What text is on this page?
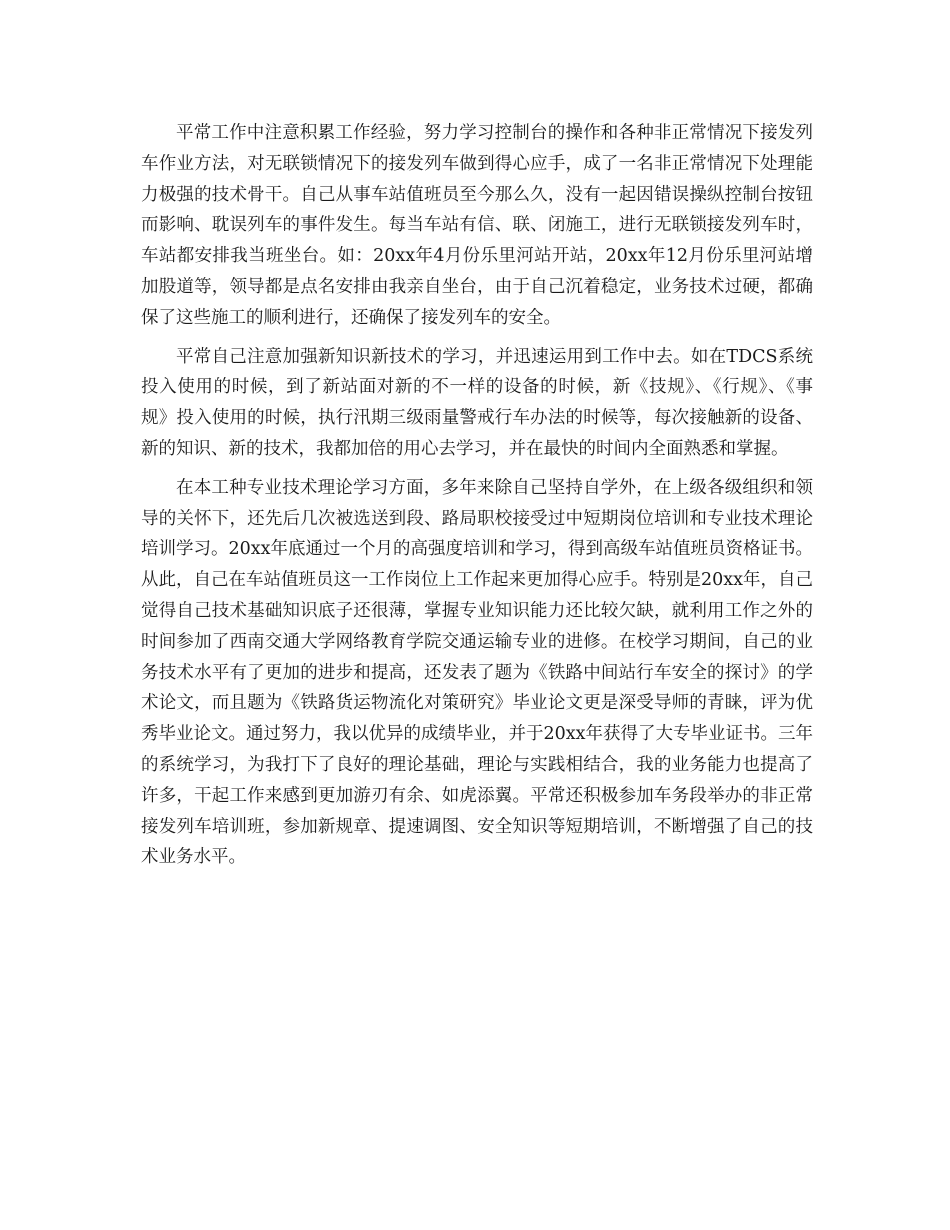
平常工作中注意积累工作经验，努力学习控制台的操作和各种非正常情况下接发列车作业方法，对无联锁情况下的接发列车做到得心应手，成了一名非正常情况下处理能力极强的技术骨干。自己从事车站值班员至今那么久，没有一起因错误操纵控制台按钮而影响、耽误列车的事件发生。每当车站有信、联、闭施工，进行无联锁接发列车时，车站都安排我当班坐台。如：20xx年4月份乐里河站开站，20xx年12月份乐里河站增加股道等，领导都是点名安排由我亲自坐台，由于自己沉着稳定，业务技术过硬，都确保了这些施工的顺利进行，还确保了接发列车的安全。

平常自己注意加强新知识新技术的学习，并迅速运用到工作中去。如在TDCS系统投入使用的时候，到了新站面对新的不一样的设备的时候，新《技规》、《行规》、《事规》投入使用的时候，执行汛期三级雨量警戒行车办法的时候等，每次接触新的设备、新的知识、新的技术，我都加倍的用心去学习，并在最快的时间内全面熟悉和掌握。

在本工种专业技术理论学习方面，多年来除自己坚持自学外，在上级各级组织和领导的关怀下，还先后几次被选送到段、路局职校接受过中短期岗位培训和专业技术理论培训学习。20xx年底通过一个月的高强度培训和学习，得到高级车站值班员资格证书。从此，自己在车站值班员这一工作岗位上工作起来更加得心应手。特别是20xx年，自己觉得自己技术基础知识底子还很薄，掌握专业知识能力还比较欠缺，就利用工作之外的时间参加了西南交通大学网络教育学院交通运输专业的进修。在校学习期间，自己的业务技术水平有了更加的进步和提高，还发表了题为《铁路中间站行车安全的探讨》的学术论文，而且题为《铁路货运物流化对策研究》毕业论文更是深受导师的青睐，评为优秀毕业论文。通过努力，我以优异的成绩毕业，并于20xx年获得了大专毕业证书。三年的系统学习，为我打下了良好的理论基础，理论与实践相结合，我的业务能力也提高了许多，干起工作来感到更加游刃有余、如虎添翼。平常还积极参加车务段举办的非正常接发列车培训班，参加新规章、提速调图、安全知识等短期培训，不断增强了自己的技术业务水平。
